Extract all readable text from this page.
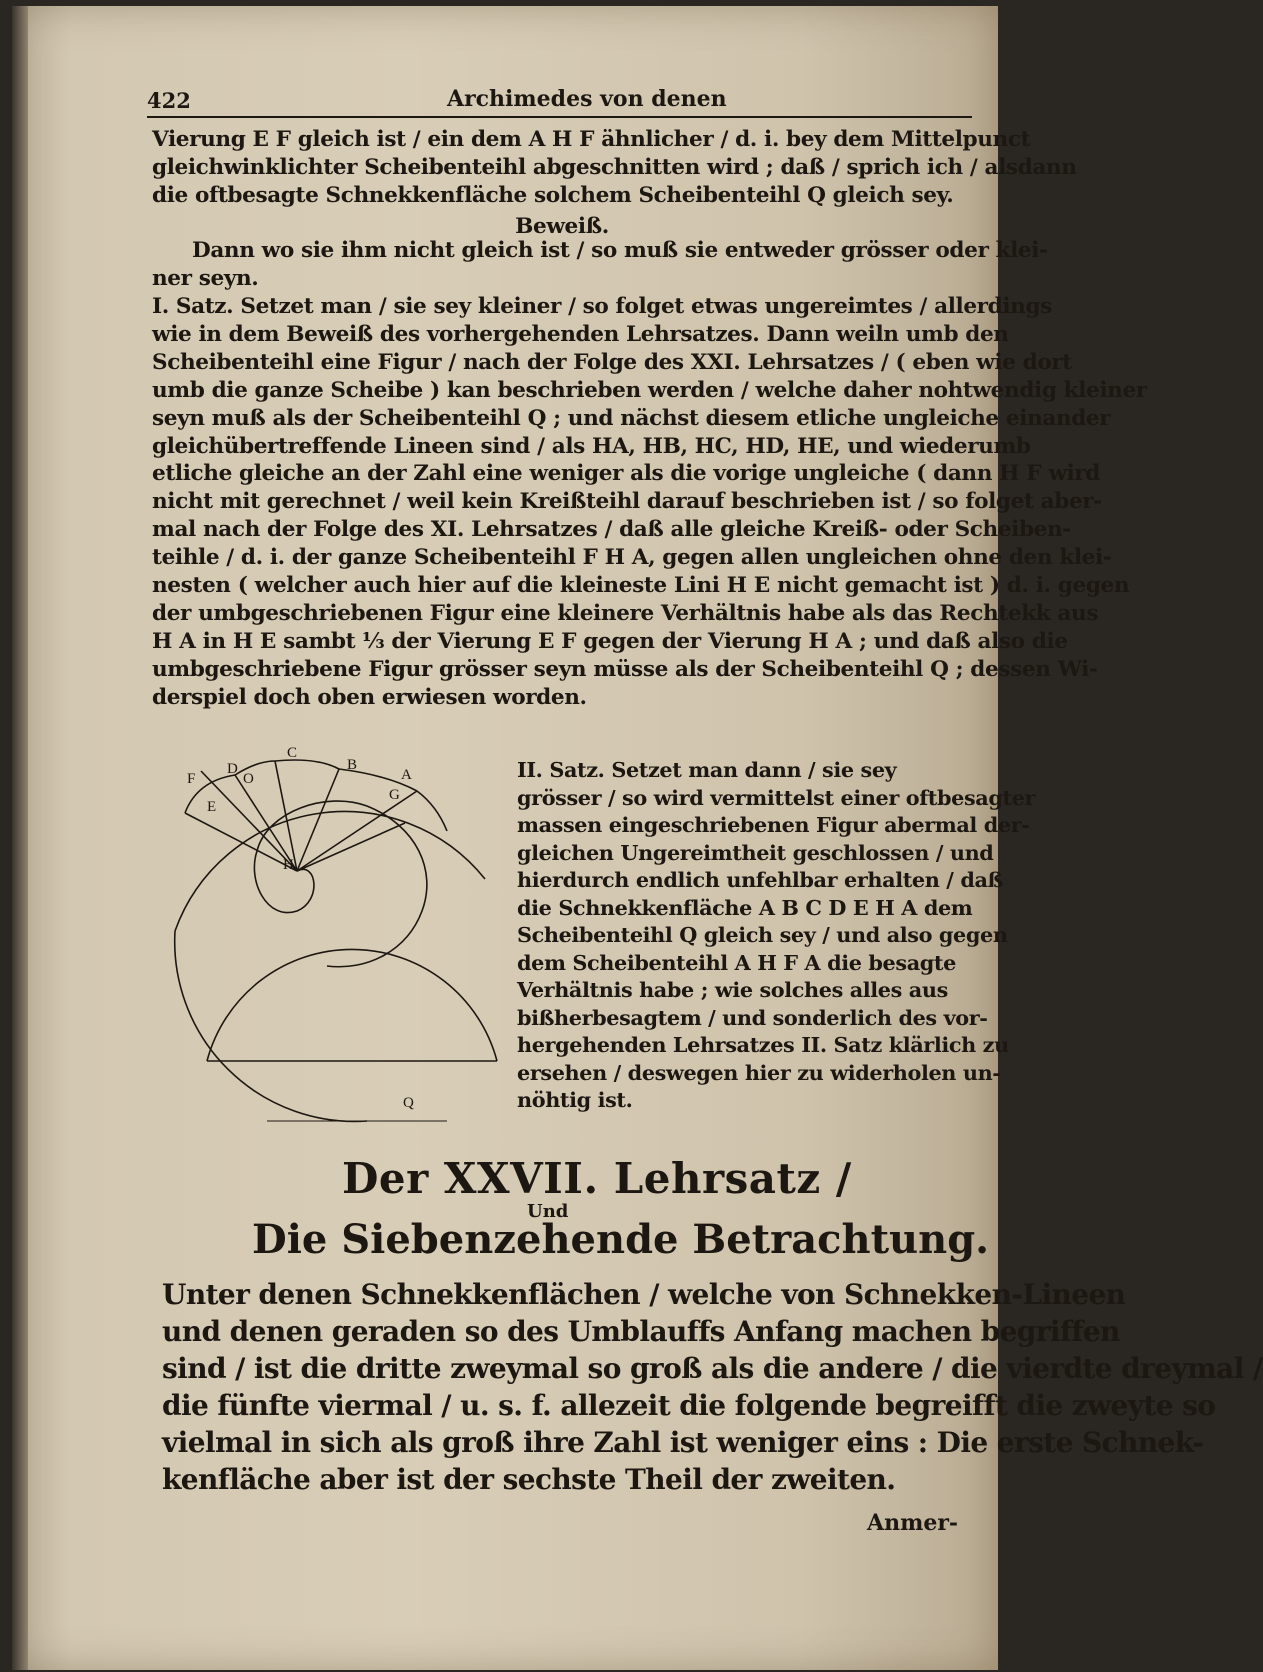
422	Archimedes von denen
Vierung E F gleich ist / ein dem A H F ähnlicher / d. i. bey dem Mittelpunct
gleichwinklichter Scheibenteihl abgeschnitten wird ; daß / sprich ich / alsdann
die oftbesagte Schnekkenfläche solchem Scheibenteihl Q gleich sey.
Beweiß.
Dann wo sie ihm nicht gleich ist / so muß sie entweder grösser oder klei-
ner seyn.
I. Satz. Setzet man / sie sey kleiner / so folget etwas ungereimtes / allerdings
wie in dem Beweiß des vorhergehenden Lehrsatzes. Dann weiln umb den
Scheibenteihl eine Figur / nach der Folge des XXI. Lehrsatzes / ( eben wie dort
umb die ganze Scheibe ) kan beschrieben werden / welche daher nohtwendig kleiner
seyn muß als der Scheibenteihl Q ; und nächst diesem etliche ungleiche einander
gleichübertreffende Lineen sind / als HA, HB, HC, HD, HE, und wiederumb
etliche gleiche an der Zahl eine weniger als die vorige ungleiche ( dann H F wird
nicht mit gerechnet / weil kein Kreißteihl darauf beschrieben ist / so folget aber-
mal nach der Folge des XI. Lehrsatzes / daß alle gleiche Kreiß- oder Scheiben-
teihle / d. i. der ganze Scheibenteihl F H A, gegen allen ungleichen ohne den klei-
nesten ( welcher auch hier auf die kleineste Lini H E nicht gemacht ist ) d. i. gegen
der umbgeschriebenen Figur eine kleinere Verhältnis habe als das Rechtekk aus
H A in H E sambt ⅓ der Vierung E F gegen der Vierung H A ; und daß also die
umbgeschriebene Figur grösser seyn müsse als der Scheibenteihl Q ; dessen Wi-
derspiel doch oben erwiesen worden.
C
D
O
F
E
B
A
G
H
Q
II. Satz. Setzet man dann / sie sey
grösser / so wird vermittelst einer oftbesagter
massen eingeschriebenen Figur abermal der-
gleichen Ungereimtheit geschlossen / und
hierdurch endlich unfehlbar erhalten / daß
die Schnekkenfläche A B C D E H A dem
Scheibenteihl Q gleich sey / und also gegen
dem Scheibenteihl A H F A die besagte
Verhältnis habe ; wie solches alles aus
bißherbesagtem / und sonderlich des vor-
hergehenden Lehrsatzes II. Satz klärlich zu
ersehen / deswegen hier zu widerholen un-
nöhtig ist.
Der XXVII. Lehrsatz /
Und
Die Siebenzehende Betrachtung.
Unter denen Schnekkenflächen / welche von Schnekken-Lineen
und denen geraden so des Umblauffs Anfang machen begriffen
sind / ist die dritte zweymal so groß als die andere / die vierdte dreymal /
die fünfte viermal / u. s. f. allezeit die folgende begreifft die zweyte so
vielmal in sich als groß ihre Zahl ist weniger eins : Die erste Schnek-
kenfläche aber ist der sechste Theil der zweiten.
Anmer-
